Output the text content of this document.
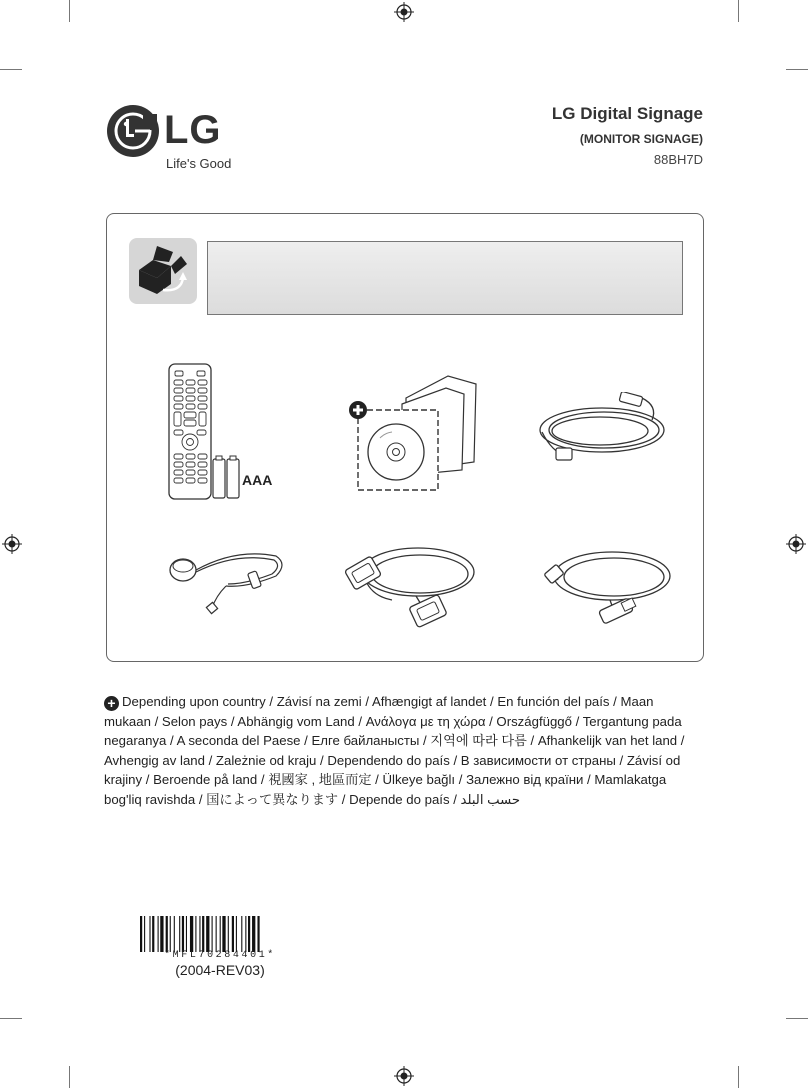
LG
Life's Good
LG Digital Signage
(MONITOR SIGNAGE)
88BH7D
AAA
+ Depending upon country / Závisí na zemi / Afhængigt af landet / En función del país / Maan mukaan / Selon pays / Abhängig vom Land / Ανάλογα με τη χώρα / Országfüggő / Tergantung pada negaranya / A seconda del Paese / Елге байланысты / 지역에 따라 다름 / Afhankelijk van het land / Avhengig av land / Zależnie od kraju / Dependendo do país / В зависимости от страны / Závisí od krajiny / Beroende på land / 視國家 , 地區而定 / Ülkeye bağlı / Залежно від країни / Mamlakatga bog'liq ravishda / 国によって異なります / Depende do país / حسب البلد
*MFL70284401*
(2004-REV03)
